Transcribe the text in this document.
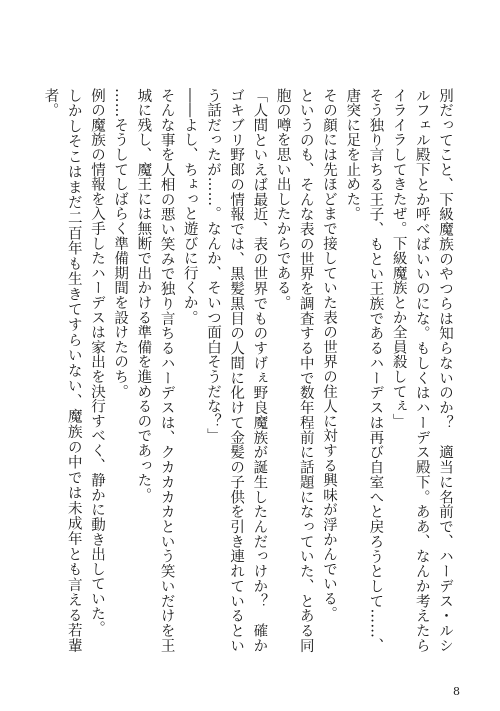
別だってこと、下級魔族のやつらは知らないのか？　適当に名前で、ハーデス・ルシルフェル殿下とか呼べばいいのにな。もしくはハーデス殿下。ああ、なんか考えたらイライラしてきたぜ。下級魔族とか全員殺してぇ」

そう独り言ちる王子、もとい王族であるハーデスは再び自室へと戻ろうとして……、唐突に足を止めた。

その顔には先ほどまで接していた表の世界の住人に対する興味が浮かんでいる。

というのも、そんな表の世界を調査する中で数年程前に話題になっていた、とある同胞の噂を思い出したからである。

「人間といえば最近、表の世界でものすげぇ野良魔族が誕生したんだっけか？　確かゴキブリ野郎の情報では、黒髪黒目の人間に化けて金髪の子供を引き連れているという話だったが……。なんか、そいつ面白そうだな？」

――よし、ちょっと遊びに行くか。

そんな事を人相の悪い笑みで独り言ちるハーデスは、クカカカカという笑いだけを王城に残し、魔王には無断で出かける準備を進めるのであった。

……そうしてしばらく準備期間を設けたのち。

例の魔族の情報を入手したハーデスは家出を決行すべく、静かに動き出していた。

しかしそこはまだ二百年も生きてすらいない、魔族の中では未成年とも言える若輩者。

8
